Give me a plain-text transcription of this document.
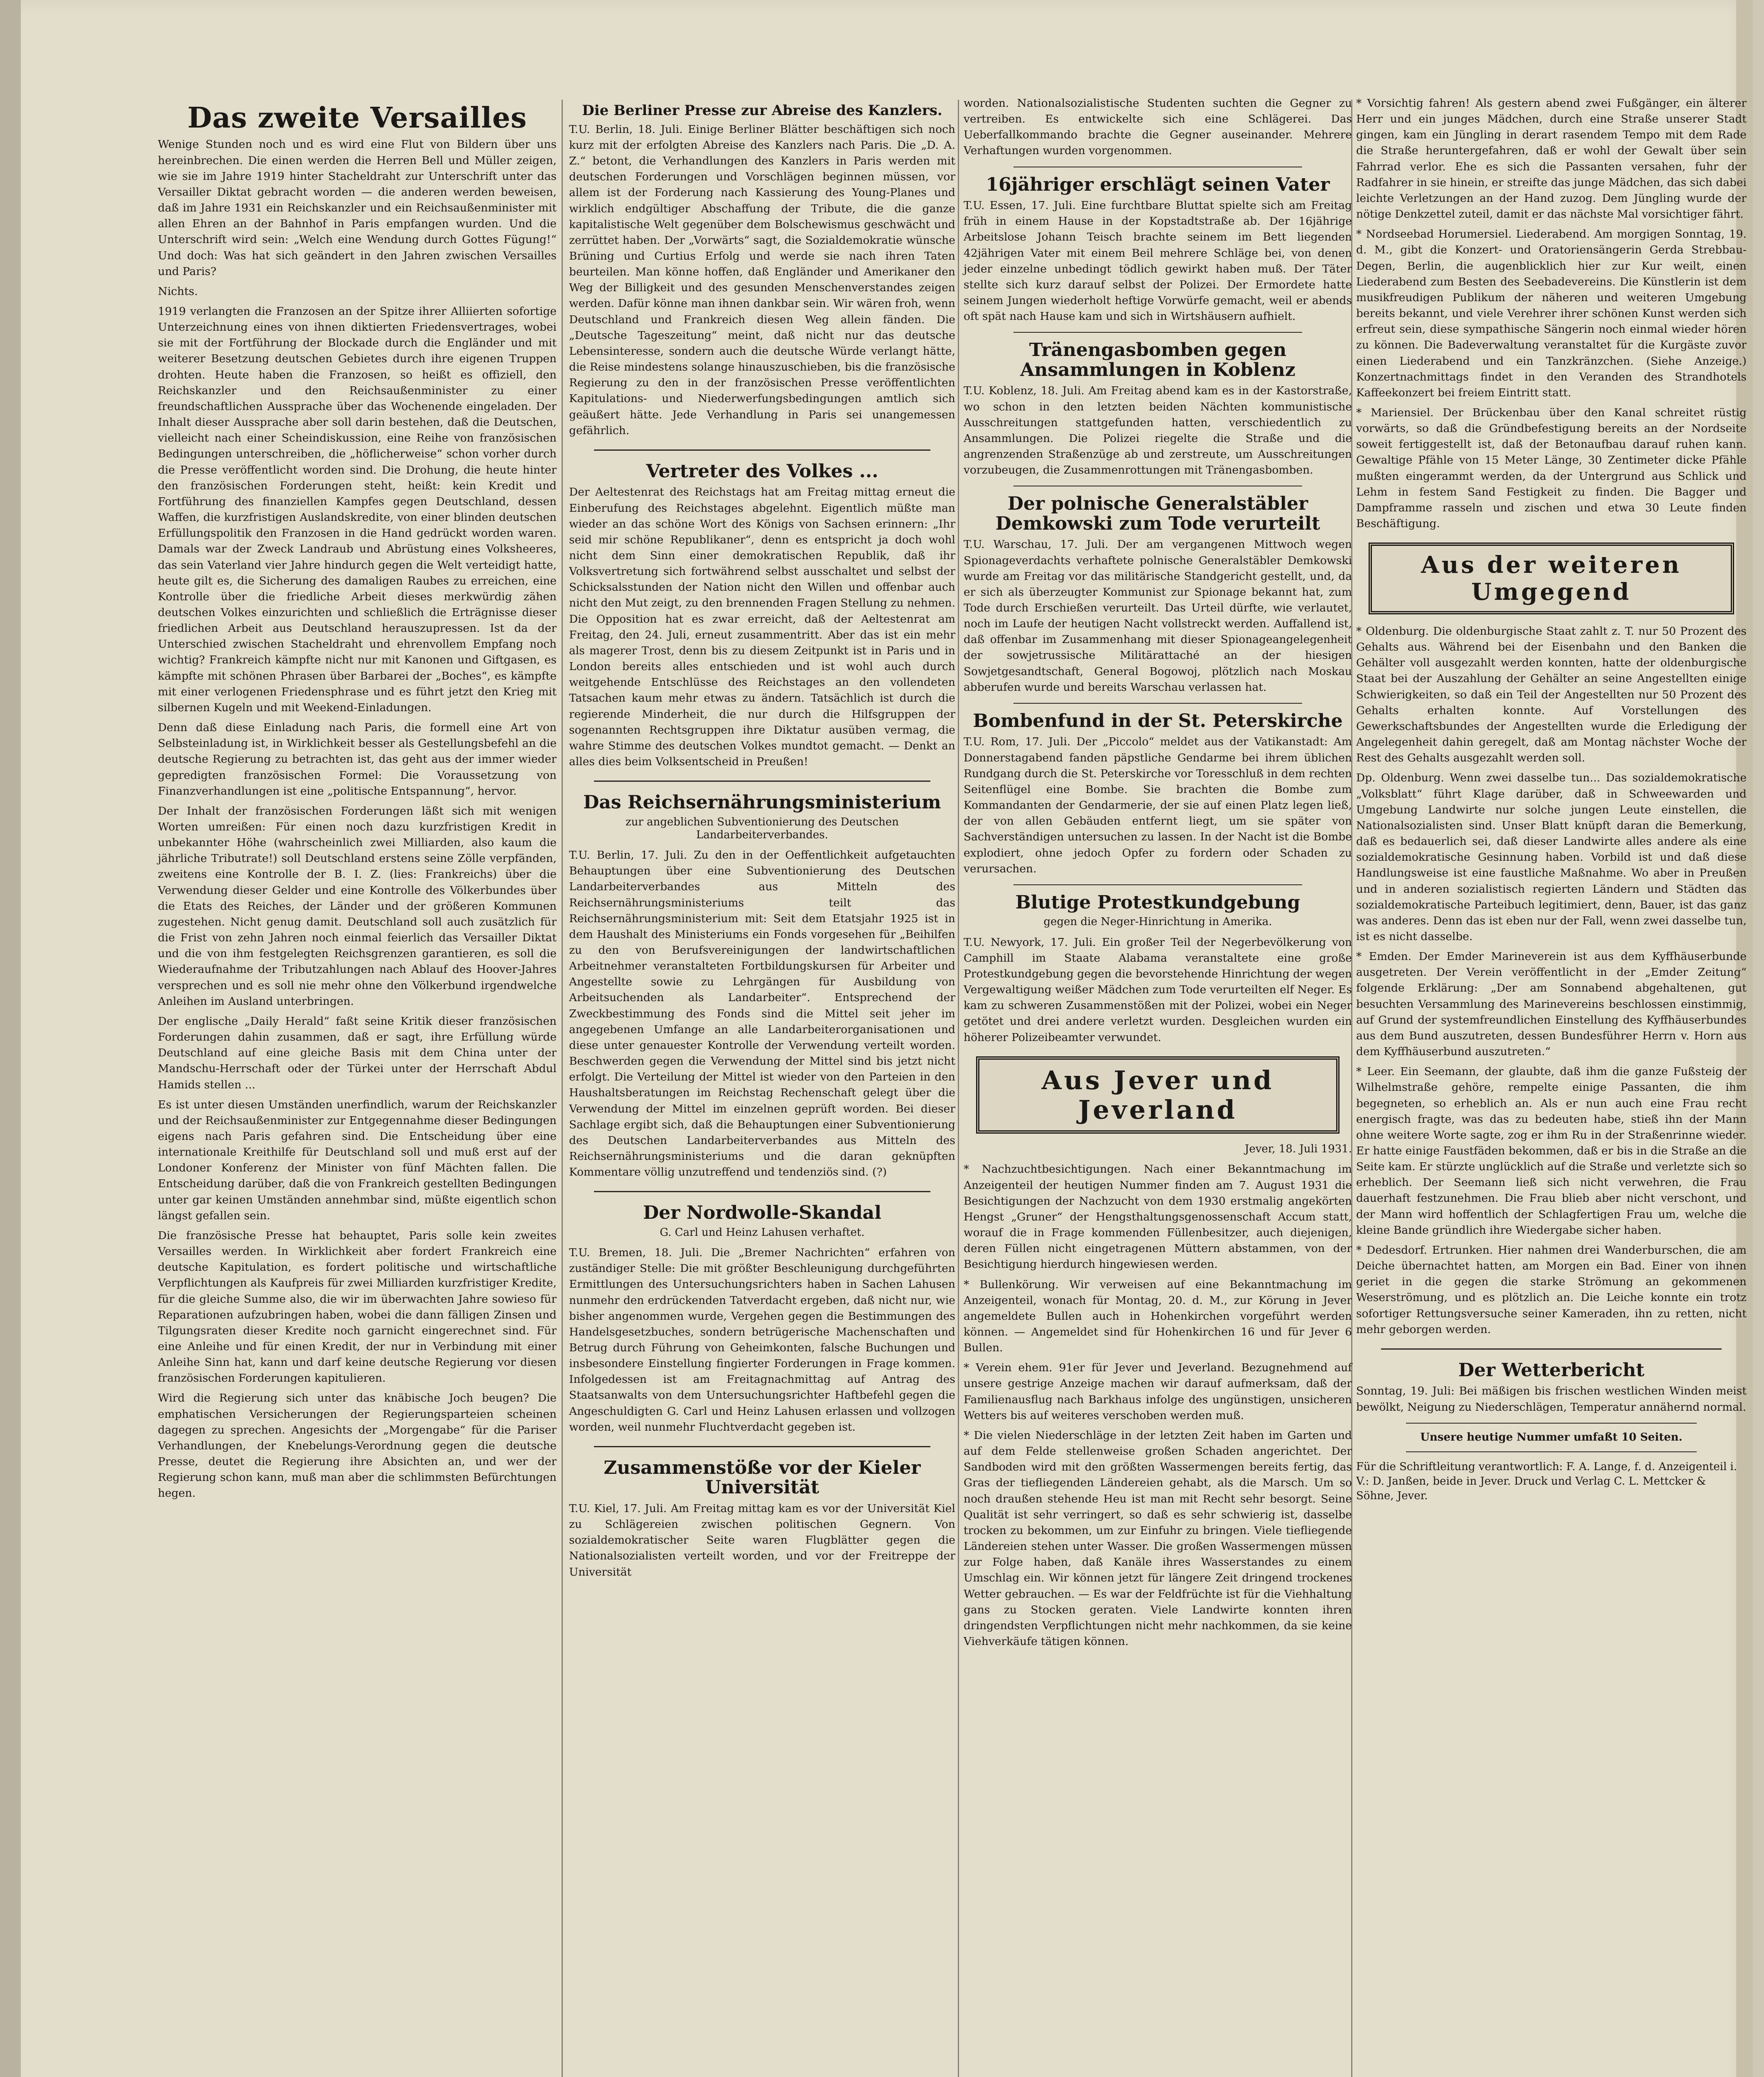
Das zweite Versailles

Wenige Stunden noch und es wird eine Flut von Bildern über uns hereinbrechen. Die einen werden die Herren Bell und Müller zeigen, wie sie im Jahre 1919 hinter Stacheldraht zur Unterschrift unter das Versailler Diktat gebracht worden — die anderen werden beweisen, daß im Jahre 1931 ein Reichskanzler und ein Reichsaußenminister mit allen Ehren an der Bahnhof in Paris empfangen wurden. Und die Unterschrift wird sein: „Welch eine Wendung durch Gottes Fügung!“ Und doch: Was hat sich geändert in den Jahren zwischen Versailles und Paris?

Nichts.

1919 verlangten die Franzosen an der Spitze ihrer Alliierten sofortige Unterzeichnung eines von ihnen diktierten Friedensvertrages, wobei sie mit der Fortführung der Blockade durch die Engländer und mit weiterer Besetzung deutschen Gebietes durch ihre eigenen Truppen drohten. Heute haben die Franzosen, so heißt es offiziell, den Reichskanzler und den Reichsaußenminister zu einer freundschaftlichen Aussprache über das Wochenende eingeladen. Der Inhalt dieser Aussprache aber soll darin bestehen, daß die Deutschen, vielleicht nach einer Scheindiskussion, eine Reihe von französischen Bedingungen unterschreiben, die „höflicherweise“ schon vorher durch die Presse veröffentlicht worden sind. Die Drohung, die heute hinter den französischen Forderungen steht, heißt: kein Kredit und Fortführung des finanziellen Kampfes gegen Deutschland, dessen Waffen, die kurzfristigen Auslandskredite, von einer blinden deutschen Erfüllungspolitik den Franzosen in die Hand gedrückt worden waren. Damals war der Zweck Landraub und Abrüstung eines Volksheeres, das sein Vaterland vier Jahre hindurch gegen die Welt verteidigt hatte, heute gilt es, die Sicherung des damaligen Raubes zu erreichen, eine Kontrolle über die friedliche Arbeit dieses merkwürdig zähen deutschen Volkes einzurichten und schließlich die Erträgnisse dieser friedlichen Arbeit aus Deutschland herauszupressen. Ist da der Unterschied zwischen Stacheldraht und ehrenvollem Empfang noch wichtig? Frankreich kämpfte nicht nur mit Kanonen und Giftgasen, es kämpfte mit schönen Phrasen über Barbarei der „Boches“, es kämpfte mit einer verlogenen Friedensphrase und es führt jetzt den Krieg mit silbernen Kugeln und mit Weekend-Einladungen.

Denn daß diese Einladung nach Paris, die formell eine Art von Selbsteinladung ist, in Wirklichkeit besser als Gestellungsbefehl an die deutsche Regierung zu betrachten ist, das geht aus der immer wieder gepredigten französischen Formel: Die Voraussetzung von Finanzverhandlungen ist eine „politische Entspannung“, hervor.

Der Inhalt der französischen Forderungen läßt sich mit wenigen Worten umreißen: Für einen noch dazu kurzfristigen Kredit in unbekannter Höhe (wahrscheinlich zwei Milliarden, also kaum die jährliche Tributrate!) soll Deutschland erstens seine Zölle verpfänden, zweitens eine Kontrolle der B. I. Z. (lies: Frankreichs) über die Verwendung dieser Gelder und eine Kontrolle des Völkerbundes über die Etats des Reiches, der Länder und der größeren Kommunen zugestehen. Nicht genug damit. Deutschland soll auch zusätzlich für die Frist von zehn Jahren noch einmal feierlich das Versailler Diktat und die von ihm festgelegten Reichsgrenzen garantieren, es soll die Wiederaufnahme der Tributzahlungen nach Ablauf des Hoover-Jahres versprechen und es soll nie mehr ohne den Völkerbund irgendwelche Anleihen im Ausland unterbringen.

Der englische „Daily Herald“ faßt seine Kritik dieser französischen Forderungen dahin zusammen, daß er sagt, ihre Erfüllung würde Deutschland auf eine gleiche Basis mit dem China unter der Mandschu-Herrschaft oder der Türkei unter der Herrschaft Abdul Hamids stellen ...

Es ist unter diesen Umständen unerfindlich, warum der Reichskanzler und der Reichsaußenminister zur Entgegennahme dieser Bedingungen eigens nach Paris gefahren sind. Die Entscheidung über eine internationale Kreithilfe für Deutschland soll und muß erst auf der Londoner Konferenz der Minister von fünf Mächten fallen. Die Entscheidung darüber, daß die von Frankreich gestellten Bedingungen unter gar keinen Umständen annehmbar sind, müßte eigentlich schon längst gefallen sein.

Die französische Presse hat behauptet, Paris solle kein zweites Versailles werden. In Wirklichkeit aber fordert Frankreich eine deutsche Kapitulation, es fordert politische und wirtschaftliche Verpflichtungen als Kaufpreis für zwei Milliarden kurzfristiger Kredite, für die gleiche Summe also, die wir im überwachten Jahre sowieso für Reparationen aufzubringen haben, wobei die dann fälligen Zinsen und Tilgungsraten dieser Kredite noch garnicht eingerechnet sind. Für eine Anleihe und für einen Kredit, der nur in Verbindung mit einer Anleihe Sinn hat, kann und darf keine deutsche Regierung vor diesen französischen Forderungen kapitulieren.

Wird die Regierung sich unter das knäbische Joch beugen? Die emphatischen Versicherungen der Regierungsparteien scheinen dagegen zu sprechen. Angesichts der „Morgengabe“ für die Pariser Verhandlungen, der Knebelungs-Verordnung gegen die deutsche Presse, deutet die Regierung ihre Absichten an, und wer der Regierung schon kann, muß man aber die schlimmsten Befürchtungen hegen.

Die Berliner Presse zur Abreise des Kanzlers.

T.U. Berlin, 18. Juli. Einige Berliner Blätter beschäftigen sich noch kurz mit der erfolgten Abreise des Kanzlers nach Paris. Die „D. A. Z.“ betont, die Verhandlungen des Kanzlers in Paris werden mit deutschen Forderungen und Vorschlägen beginnen müssen, vor allem ist der Forderung nach Kassierung des Young-Planes und wirklich endgültiger Abschaffung der Tribute, die die ganze kapitalistische Welt gegenüber dem Bolschewismus geschwächt und zerrüttet haben. Der „Vorwärts“ sagt, die Sozialdemokratie wünsche Brüning und Curtius Erfolg und werde sie nach ihren Taten beurteilen. Man könne hoffen, daß Engländer und Amerikaner den Weg der Billigkeit und des gesunden Menschenverstandes zeigen werden. Dafür könne man ihnen dankbar sein. Wir wären froh, wenn Deutschland und Frankreich diesen Weg allein fänden. Die „Deutsche Tageszeitung“ meint, daß nicht nur das deutsche Lebensinteresse, sondern auch die deutsche Würde verlangt hätte, die Reise mindestens solange hinauszuschieben, bis die französische Regierung zu den in der französischen Presse veröffentlichten Kapitulations- und Niederwerfungsbedingungen amtlich sich geäußert hätte. Jede Verhandlung in Paris sei unangemessen gefährlich.

Vertreter des Volkes ...

Der Aeltestenrat des Reichstags hat am Freitag mittag erneut die Einberufung des Reichstages abgelehnt. Eigentlich müßte man wieder an das schöne Wort des Königs von Sachsen erinnern: „Ihr seid mir schöne Republikaner“, denn es entspricht ja doch wohl nicht dem Sinn einer demokratischen Republik, daß ihr Volksvertretung sich fortwährend selbst ausschaltet und selbst der Schicksalsstunden der Nation nicht den Willen und offenbar auch nicht den Mut zeigt, zu den brennenden Fragen Stellung zu nehmen. Die Opposition hat es zwar erreicht, daß der Aeltestenrat am Freitag, den 24. Juli, erneut zusammentritt. Aber das ist ein mehr als magerer Trost, denn bis zu diesem Zeitpunkt ist in Paris und in London bereits alles entschieden und ist wohl auch durch weitgehende Entschlüsse des Reichstages an den vollendeten Tatsachen kaum mehr etwas zu ändern. Tatsächlich ist durch die regierende Minderheit, die nur durch die Hilfsgruppen der sogenannten Rechtsgruppen ihre Diktatur ausüben vermag, die wahre Stimme des deutschen Volkes mundtot gemacht. — Denkt an alles dies beim Volksentscheid in Preußen!

Das Reichsernährungsministerium
zur angeblichen Subventionierung des Deutschen Landarbeiterverbandes.

T.U. Berlin, 17. Juli. Zu den in der Oeffentlichkeit aufgetauchten Behauptungen über eine Subventionierung des Deutschen Landarbeiterverbandes aus Mitteln des Reichsernährungsministeriums teilt das Reichsernährungsministerium mit: Seit dem Etatsjahr 1925 ist in dem Haushalt des Ministeriums ein Fonds vorgesehen für „Beihilfen zu den von Berufsvereinigungen der landwirtschaftlichen Arbeitnehmer veranstalteten Fortbildungskursen für Arbeiter und Angestellte sowie zu Lehrgängen für Ausbildung von Arbeitsuchenden als Landarbeiter“. Entsprechend der Zweckbestimmung des Fonds sind die Mittel seit jeher im angegebenen Umfange an alle Landarbeiterorganisationen und diese unter genauester Kontrolle der Verwendung verteilt worden. Beschwerden gegen die Verwendung der Mittel sind bis jetzt nicht erfolgt. Die Verteilung der Mittel ist wieder von den Parteien in den Haushaltsberatungen im Reichstag Rechenschaft gelegt über die Verwendung der Mittel im einzelnen geprüft worden. Bei dieser Sachlage ergibt sich, daß die Behauptungen einer Subventionierung des Deutschen Landarbeiterverbandes aus Mitteln des Reichsernährungsministeriums und die daran geknüpften Kommentare völlig unzutreffend und tendenziös sind. (?)

Der Nordwolle-Skandal
G. Carl und Heinz Lahusen verhaftet.

T.U. Bremen, 18. Juli. Die „Bremer Nachrichten“ erfahren von zuständiger Stelle: Die mit größter Beschleunigung durchgeführten Ermittlungen des Untersuchungsrichters haben in Sachen Lahusen nunmehr den erdrückenden Tatverdacht ergeben, daß nicht nur, wie bisher angenommen wurde, Vergehen gegen die Bestimmungen des Handelsgesetzbuches, sondern betrügerische Machenschaften und Betrug durch Führung von Geheimkonten, falsche Buchungen und insbesondere Einstellung fingierter Forderungen in Frage kommen. Infolgedessen ist am Freitagnachmittag auf Antrag des Staatsanwalts von dem Untersuchungsrichter Haftbefehl gegen die Angeschuldigten G. Carl und Heinz Lahusen erlassen und vollzogen worden, weil nunmehr Fluchtverdacht gegeben ist.

Zusammenstöße vor der Kieler Universität

T.U. Kiel, 17. Juli. Am Freitag mittag kam es vor der Universität Kiel zu Schlägereien zwischen politischen Gegnern. Von sozialdemokratischer Seite waren Flugblätter gegen die Nationalsozialisten verteilt worden, und vor der Freitreppe der Universität

worden. Nationalsozialistische Studenten suchten die Gegner zu vertreiben. Es entwickelte sich eine Schlägerei. Das Ueberfallkommando brachte die Gegner auseinander. Mehrere Verhaftungen wurden vorgenommen.

16jähriger erschlägt seinen Vater

T.U. Essen, 17. Juli. Eine furchtbare Bluttat spielte sich am Freitag früh in einem Hause in der Kopstadtstraße ab. Der 16jährige Arbeitslose Johann Teisch brachte seinem im Bett liegenden 42jährigen Vater mit einem Beil mehrere Schläge bei, von denen jeder einzelne unbedingt tödlich gewirkt haben muß. Der Täter stellte sich kurz darauf selbst der Polizei. Der Ermordete hatte seinem Jungen wiederholt heftige Vorwürfe gemacht, weil er abends oft spät nach Hause kam und sich in Wirtshäusern aufhielt.

Tränengasbomben gegen Ansammlungen in Koblenz

T.U. Koblenz, 18. Juli. Am Freitag abend kam es in der Kastorstraße, wo schon in den letzten beiden Nächten kommunistische Ausschreitungen stattgefunden hatten, verschiedentlich zu Ansammlungen. Die Polizei riegelte die Straße und die angrenzenden Straßenzüge ab und zerstreute, um Ausschreitungen vorzubeugen, die Zusammenrottungen mit Tränengasbomben.

Der polnische Generalstäbler Demkowski zum Tode verurteilt

T.U. Warschau, 17. Juli. Der am vergangenen Mittwoch wegen Spionageverdachts verhaftete polnische Generalstäbler Demkowski wurde am Freitag vor das militärische Standgericht gestellt, und, da er sich als überzeugter Kommunist zur Spionage bekannt hat, zum Tode durch Erschießen verurteilt. Das Urteil dürfte, wie verlautet, noch im Laufe der heutigen Nacht vollstreckt werden. Auffallend ist, daß offenbar im Zusammenhang mit dieser Spionageangelegenheit der sowjetrussische Militärattaché an der hiesigen Sowjetgesandtschaft, General Bogowoj, plötzlich nach Moskau abberufen wurde und bereits Warschau verlassen hat.

Bombenfund in der St. Peterskirche

T.U. Rom, 17. Juli. Der „Piccolo“ meldet aus der Vatikanstadt: Am Donnerstagabend fanden päpstliche Gendarme bei ihrem üblichen Rundgang durch die St. Peterskirche vor Toresschluß in dem rechten Seitenflügel eine Bombe. Sie brachten die Bombe zum Kommandanten der Gendarmerie, der sie auf einen Platz legen ließ, der von allen Gebäuden entfernt liegt, um sie später von Sachverständigen untersuchen zu lassen. In der Nacht ist die Bombe explodiert, ohne jedoch Opfer zu fordern oder Schaden zu verursachen.

Blutige Protestkundgebung
gegen die Neger-Hinrichtung in Amerika.

T.U. Newyork, 17. Juli. Ein großer Teil der Negerbevölkerung von Camphill im Staate Alabama veranstaltete eine große Protestkundgebung gegen die bevorstehende Hinrichtung der wegen Vergewaltigung weißer Mädchen zum Tode verurteilten elf Neger. Es kam zu schweren Zusammenstößen mit der Polizei, wobei ein Neger getötet und drei andere verletzt wurden. Desgleichen wurden ein höherer Polizeibeamter verwundet.

Aus Jever und Jeverland
Jever, 18. Juli 1931.

* Nachzuchtbesichtigungen. Nach einer Bekanntmachung im Anzeigenteil der heutigen Nummer finden am 7. August 1931 die Besichtigungen der Nachzucht von dem 1930 erstmalig angekörten Hengst „Gruner“ der Hengsthaltungsgenossenschaft Accum statt, worauf die in Frage kommenden Füllenbesitzer, auch diejenigen, deren Füllen nicht eingetragenen Müttern abstammen, von der Besichtigung hierdurch hingewiesen werden.

* Bullenkörung. Wir verweisen auf eine Bekanntmachung im Anzeigenteil, wonach für Montag, 20. d. M., zur Körung in Jever angemeldete Bullen auch in Hohenkirchen vorgeführt werden können. — Angemeldet sind für Hohenkirchen 16 und für Jever 6 Bullen.

* Verein ehem. 91er für Jever und Jeverland. Bezugnehmend auf unsere gestrige Anzeige machen wir darauf aufmerksam, daß der Familienausflug nach Barkhaus infolge des ungünstigen, unsicheren Wetters bis auf weiteres verschoben werden muß.

* Die vielen Niederschläge in der letzten Zeit haben im Garten und auf dem Felde stellenweise großen Schaden angerichtet. Der Sandboden wird mit den größten Wassermengen bereits fertig, das Gras der tiefliegenden Ländereien gehabt, als die Marsch. Um so noch draußen stehende Heu ist man mit Recht sehr besorgt. Seine Qualität ist sehr verringert, so daß es sehr schwierig ist, dasselbe trocken zu bekommen, um zur Einfuhr zu bringen. Viele tiefliegende Ländereien stehen unter Wasser. Die großen Wassermengen müssen zur Folge haben, daß Kanäle ihres Wasserstandes zu einem Umschlag ein. Wir können jetzt für längere Zeit dringend trockenes Wetter gebrauchen. — Es war der Feldfrüchte ist für die Viehhaltung gans zu Stocken geraten. Viele Landwirte konnten ihren dringendsten Verpflichtungen nicht mehr nachkommen, da sie keine Viehverkäufe tätigen können.

* Vorsichtig fahren! Als gestern abend zwei Fußgänger, ein älterer Herr und ein junges Mädchen, durch eine Straße unserer Stadt gingen, kam ein Jüngling in derart rasendem Tempo mit dem Rade die Straße heruntergefahren, daß er wohl der Gewalt über sein Fahrrad verlor. Ehe es sich die Passanten versahen, fuhr der Radfahrer in sie hinein, er streifte das junge Mädchen, das sich dabei leichte Verletzungen an der Hand zuzog. Dem Jüngling wurde der nötige Denkzettel zuteil, damit er das nächste Mal vorsichtiger fährt.

* Nordseebad Horumersiel. Liederabend. Am morgigen Sonntag, 19. d. M., gibt die Konzert- und Oratoriensängerin Gerda Strebbau-Degen, Berlin, die augenblicklich hier zur Kur weilt, einen Liederabend zum Besten des Seebadevereins. Die Künstlerin ist dem musikfreudigen Publikum der näheren und weiteren Umgebung bereits bekannt, und viele Verehrer ihrer schönen Kunst werden sich erfreut sein, diese sympathische Sängerin noch einmal wieder hören zu können. Die Badeverwaltung veranstaltet für die Kurgäste zuvor einen Liederabend und ein Tanzkränzchen. (Siehe Anzeige.) Konzertnachmittags findet in den Veranden des Strandhotels Kaffeekonzert bei freiem Eintritt statt.

* Mariensiel. Der Brückenbau über den Kanal schreitet rüstig vorwärts, so daß die Gründbefestigung bereits an der Nordseite soweit fertiggestellt ist, daß der Betonaufbau darauf ruhen kann. Gewaltige Pfähle von 15 Meter Länge, 30 Zentimeter dicke Pfähle mußten eingerammt werden, da der Untergrund aus Schlick und Lehm in festem Sand Festigkeit zu finden. Die Bagger und Dampframme rasseln und zischen und etwa 30 Leute finden Beschäftigung.

Aus der weiteren Umgegend

* Oldenburg. Die oldenburgische Staat zahlt z. T. nur 50 Prozent des Gehalts aus. Während bei der Eisenbahn und den Banken die Gehälter voll ausgezahlt werden konnten, hatte der oldenburgische Staat bei der Auszahlung der Gehälter an seine Angestellten einige Schwierigkeiten, so daß ein Teil der Angestellten nur 50 Prozent des Gehalts erhalten konnte. Auf Vorstellungen des Gewerkschaftsbundes der Angestellten wurde die Erledigung der Angelegenheit dahin geregelt, daß am Montag nächster Woche der Rest des Gehalts ausgezahlt werden soll.

Dp. Oldenburg. Wenn zwei dasselbe tun... Das sozialdemokratische „Volksblatt“ führt Klage darüber, daß in Schweewarden und Umgebung Landwirte nur solche jungen Leute einstellen, die Nationalsozialisten sind. Unser Blatt knüpft daran die Bemerkung, daß es bedauerlich sei, daß dieser Landwirte alles andere als eine sozialdemokratische Gesinnung haben. Vorbild ist und daß diese Handlungsweise ist eine faustliche Maßnahme. Wo aber in Preußen und in anderen sozialistisch regierten Ländern und Städten das sozialdemokratische Parteibuch legitimiert, denn, Bauer, ist das ganz was anderes. Denn das ist eben nur der Fall, wenn zwei dasselbe tun, ist es nicht dasselbe.

* Emden. Der Emder Marineverein ist aus dem Kyffhäuserbunde ausgetreten. Der Verein veröffentlicht in der „Emder Zeitung“ folgende Erklärung: „Der am Sonnabend abgehaltenen, gut besuchten Versammlung des Marinevereins beschlossen einstimmig, auf Grund der systemfreundlichen Einstellung des Kyffhäuserbundes aus dem Bund auszutreten, dessen Bundesführer Herrn v. Horn aus dem Kyffhäuserbund auszutreten.“

* Leer. Ein Seemann, der glaubte, daß ihm die ganze Fußsteig der Wilhelmstraße gehöre, rempelte einige Passanten, die ihm begegneten, so erheblich an. Als er nun auch eine Frau recht energisch fragte, was das zu bedeuten habe, stieß ihn der Mann ohne weitere Worte sagte, zog er ihm Ru in der Straßenrinne wieder. Er hatte einige Faustfäden bekommen, daß er bis in die Straße an die Seite kam. Er stürzte unglücklich auf die Straße und verletzte sich so erheblich. Der Seemann ließ sich nicht verwehren, die Frau dauerhaft festzunehmen. Die Frau blieb aber nicht verschont, und der Mann wird hoffentlich der Schlagfertigen Frau um, welche die kleine Bande gründlich ihre Wiedergabe sicher haben.

* Dedesdorf. Ertrunken. Hier nahmen drei Wanderburschen, die am Deiche übernachtet hatten, am Morgen ein Bad. Einer von ihnen geriet in die gegen die starke Strömung an gekommenen Weserströmung, und es plötzlich an. Die Leiche konnte ein trotz sofortiger Rettungsversuche seiner Kameraden, ihn zu retten, nicht mehr geborgen werden.

Der Wetterbericht

Sonntag, 19. Juli: Bei mäßigen bis frischen westlichen Winden meist bewölkt, Neigung zu Niederschlägen, Temperatur annähernd normal.

Unsere heutige Nummer umfaßt 10 Seiten.
Für die Schriftleitung verantwortlich: F. A. Lange, f. d. Anzeigenteil i. V.: D. Janßen, beide in Jever. Druck und Verlag C. L. Mettcker & Söhne, Jever.
